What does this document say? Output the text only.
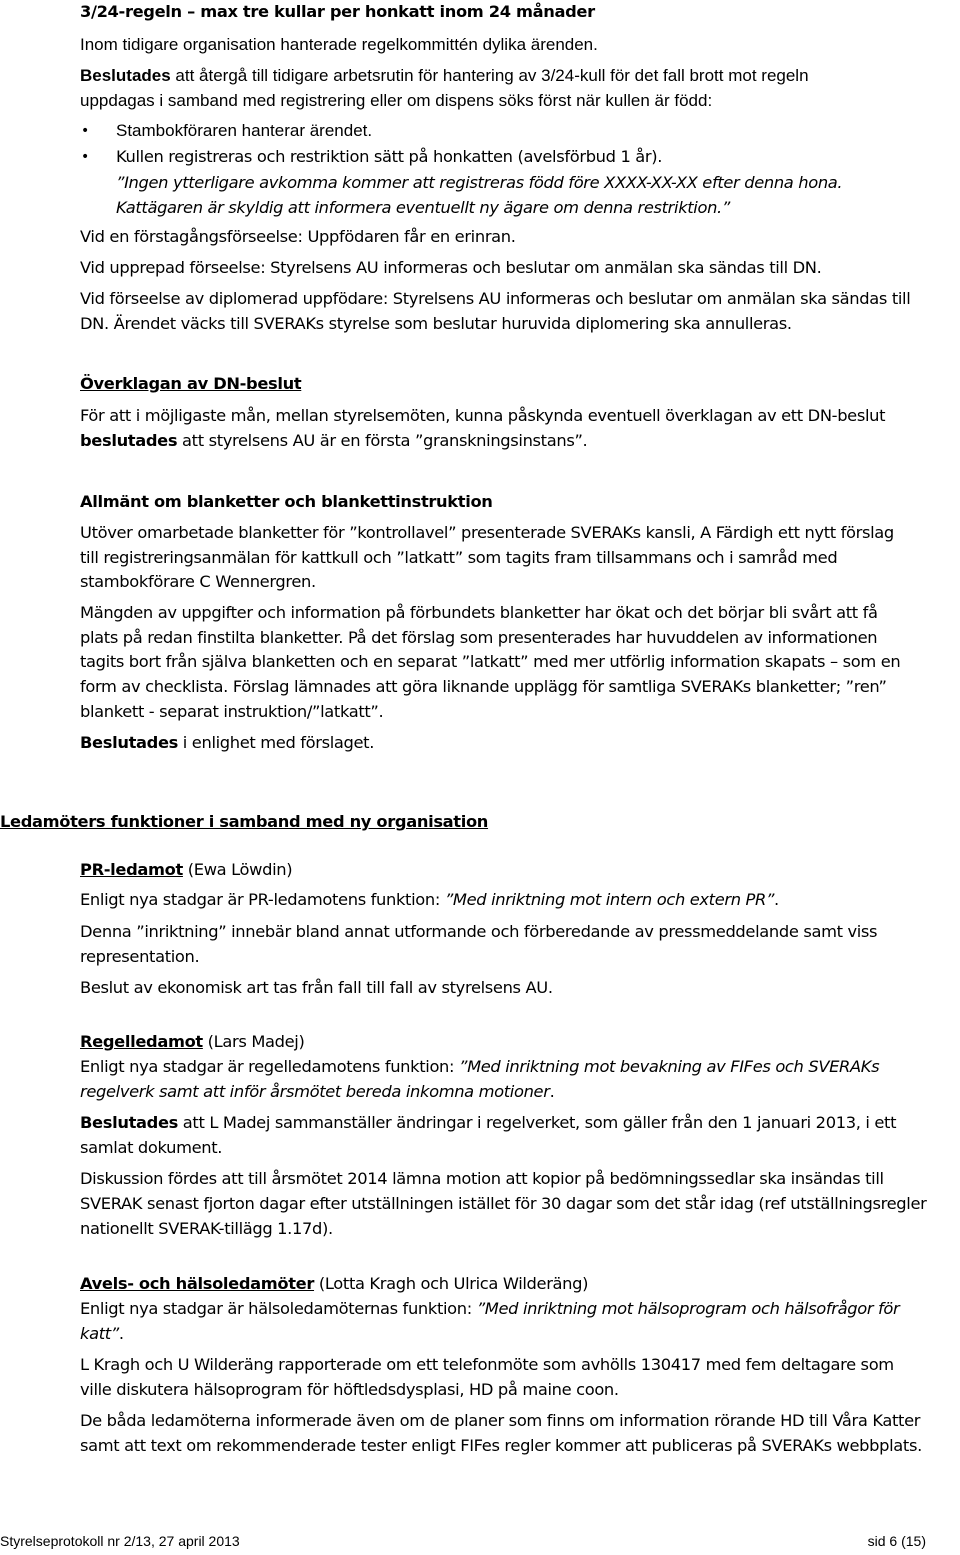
3/24-regeln – max tre kullar per honkatt inom 24 månader
Inom tidigare organisation hanterade regelkommittén dylika ärenden.
Beslutades att återgå till tidigare arbetsrutin för hantering av 3/24-kull för det fall brott mot regeln
uppdagas i samband med registrering eller om dispens söks först när kullen är född:
• Stambokföraren hanterar ärendet.
• Kullen registreras och restriktion sätt på honkatten (avelsförbud 1 år).
”Ingen ytterligare avkomma kommer att registreras född före XXXX-XX-XX efter denna hona.
Kattägaren är skyldig att informera eventuellt ny ägare om denna restriktion.”
Vid en förstagångsförseelse: Uppfödaren får en erinran.
Vid upprepad förseelse: Styrelsens AU informeras och beslutar om anmälan ska sändas till DN.
Vid förseelse av diplomerad uppfödare: Styrelsens AU informeras och beslutar om anmälan ska sändas till
DN. Ärendet väcks till SVERAKs styrelse som beslutar huruvida diplomering ska annulleras.
Överklagan av DN-beslut
För att i möjligaste mån, mellan styrelsemöten, kunna påskynda eventuell överklagan av ett DN-beslut
beslutades att styrelsens AU är en första ”granskningsinstans”.
Allmänt om blanketter och blankettinstruktion
Utöver omarbetade blanketter för ”kontrollavel” presenterade SVERAKs kansli, A Färdigh ett nytt förslag
till registreringsanmälan för kattkull och ”latkatt” som tagits fram tillsammans och i samråd med
stambokförare C Wennergren.
Mängden av uppgifter och information på förbundets blanketter har ökat och det börjar bli svårt att få
plats på redan finstilta blanketter. På det förslag som presenterades har huvuddelen av informationen
tagits bort från själva blanketten och en separat ”latkatt” med mer utförlig information skapats – som en
form av checklista. Förslag lämnades att göra liknande upplägg för samtliga SVERAKs blanketter; ”ren”
blankett - separat instruktion/”latkatt”.
Beslutades i enlighet med förslaget.
Ledamöters funktioner i samband med ny organisation
PR-ledamot (Ewa Löwdin)
Enligt nya stadgar är PR-ledamotens funktion: ”Med inriktning mot intern och extern PR”.
Denna ”inriktning” innebär bland annat utformande och förberedande av pressmeddelande samt viss
representation.
Beslut av ekonomisk art tas från fall till fall av styrelsens AU.
Regelledamot (Lars Madej)
Enligt nya stadgar är regelledamotens funktion: ”Med inriktning mot bevakning av FIFes och SVERAKs
regelverk samt att inför årsmötet bereda inkomna motioner.
Beslutades att L Madej sammanställer ändringar i regelverket, som gäller från den 1 januari 2013, i ett
samlat dokument.
Diskussion fördes att till årsmötet 2014 lämna motion att kopior på bedömningssedlar ska insändas till
SVERAK senast fjorton dagar efter utställningen istället för 30 dagar som det står idag (ref utställningsregler
nationellt SVERAK-tillägg 1.17d).
Avels- och hälsoledamöter (Lotta Kragh och Ulrica Wilderäng)
Enligt nya stadgar är hälsoledamöternas funktion: ”Med inriktning mot hälsoprogram och hälsofrågor för
katt”.
L Kragh och U Wilderäng rapporterade om ett telefonmöte som avhölls 130417 med fem deltagare som
ville diskutera hälsoprogram för höftledsdysplasi, HD på maine coon.
De båda ledamöterna informerade även om de planer som finns om information rörande HD till Våra Katter
samt att text om rekommenderade tester enligt FIFes regler kommer att publiceras på SVERAKs webbplats.
Styrelseprotokoll nr 2/13, 27 april 2013	sid 6 (15)
